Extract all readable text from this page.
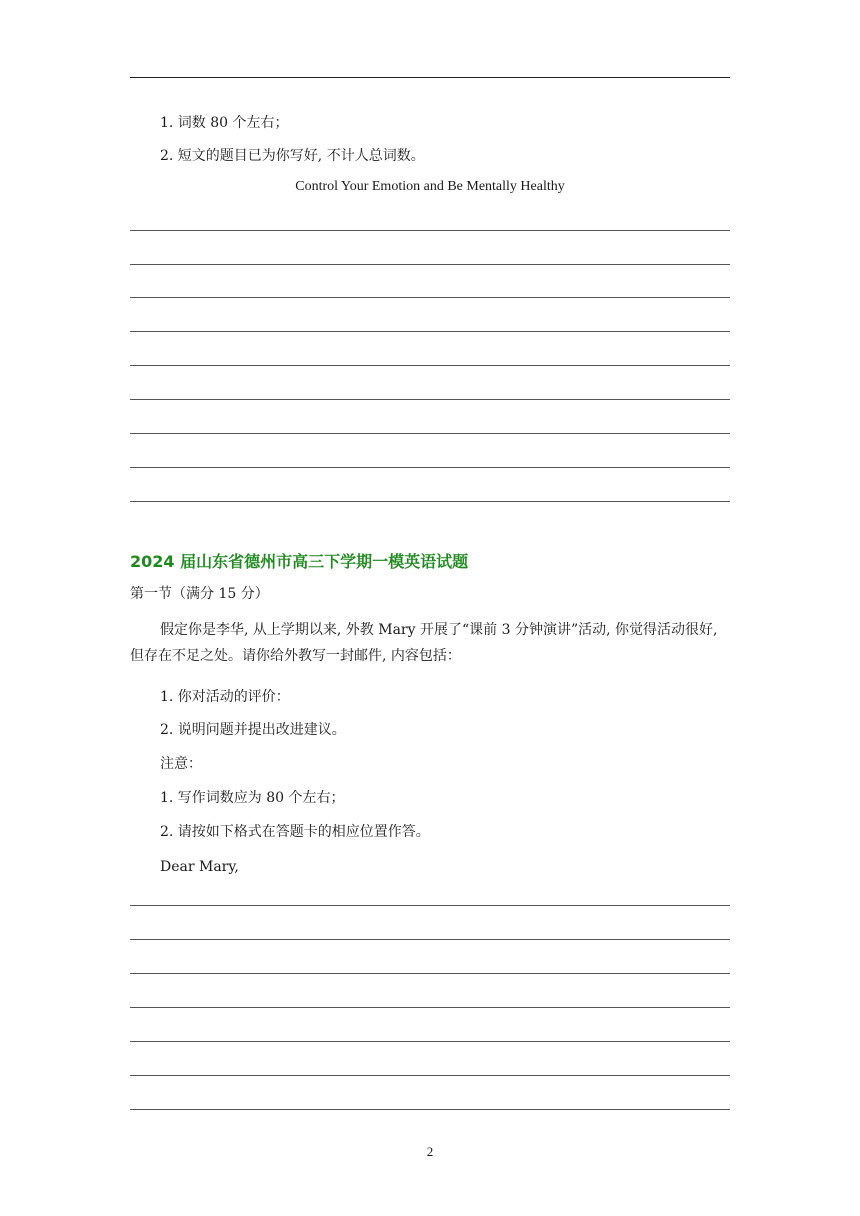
1. 词数 80 个左右；
2. 短文的题目已为你写好, 不计人总词数。
Control Your Emotion and Be Mentally Healthy
2024 届山东省德州市高三下学期一模英语试题
第一节（满分 15 分）
假定你是李华, 从上学期以来, 外教 Mary 开展了“课前 3 分钟演讲”活动, 你觉得活动很好, 但存在不足之处。请你给外教写一封邮件, 内容包括：
1. 你对活动的评价：
2. 说明问题并提出改进建议。
注意：
1. 写作词数应为 80 个左右；
2. 请按如下格式在答题卡的相应位置作答。
Dear Mary,
2
